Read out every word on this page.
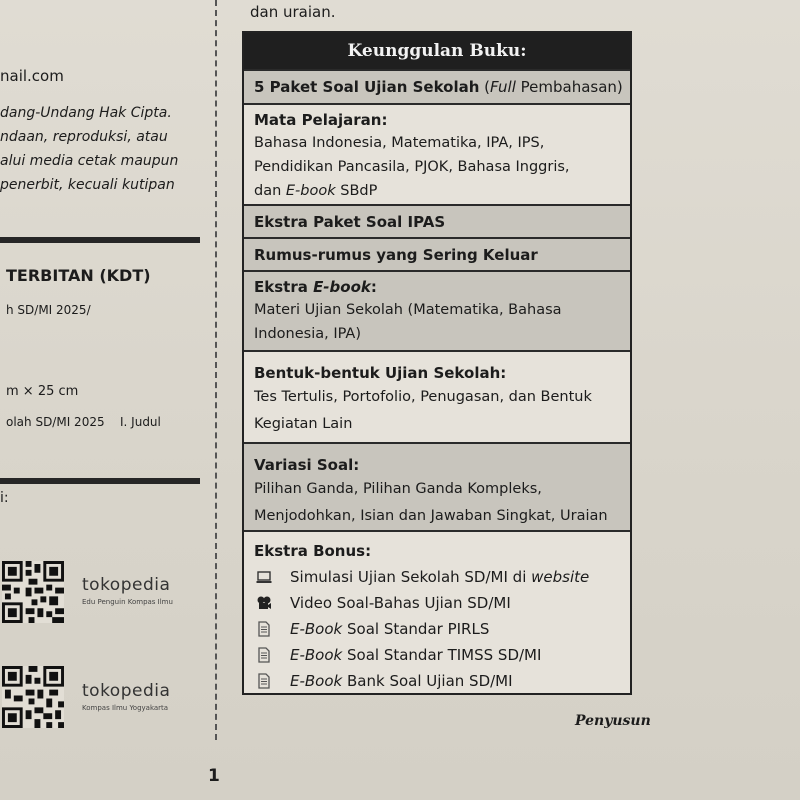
nail.com
dang-Undang Hak Cipta.
ndaan, reproduksi, atau
alui media cetak maupun
penerbit, kecuali kutipan
TERBITAN (KDT)
h SD/MI 2025/
m × 25 cm
olah SD/MI 2025 I. Judul
i:
tokopedia
Edu Penguin Kompas Ilmu
tokopedia
Kompas Ilmu Yogyakarta
1
dan uraian.
Keunggulan Buku:
5 Paket Soal Ujian Sekolah (Full Pembahasan)
Mata Pelajaran:
Bahasa Indonesia, Matematika, IPA, IPS,
Pendidikan Pancasila, PJOK, Bahasa Inggris,
dan E-book SBdP
Ekstra Paket Soal IPAS
Rumus-rumus yang Sering Keluar
Ekstra E-book:
Materi Ujian Sekolah (Matematika, Bahasa
Indonesia, IPA)
Bentuk-bentuk Ujian Sekolah:
Tes Tertulis, Portofolio, Penugasan, dan Bentuk
Kegiatan Lain
Variasi Soal:
Pilihan Ganda, Pilihan Ganda Kompleks,
Menjodohkan, Isian dan Jawaban Singkat, Uraian
Ekstra Bonus:
Simulasi Ujian Sekolah SD/MI di website
Video Soal-Bahas Ujian SD/MI
E-Book Soal Standar PIRLS
E-Book Soal Standar TIMSS SD/MI
E-Book Bank Soal Ujian SD/MI
Penyusun
